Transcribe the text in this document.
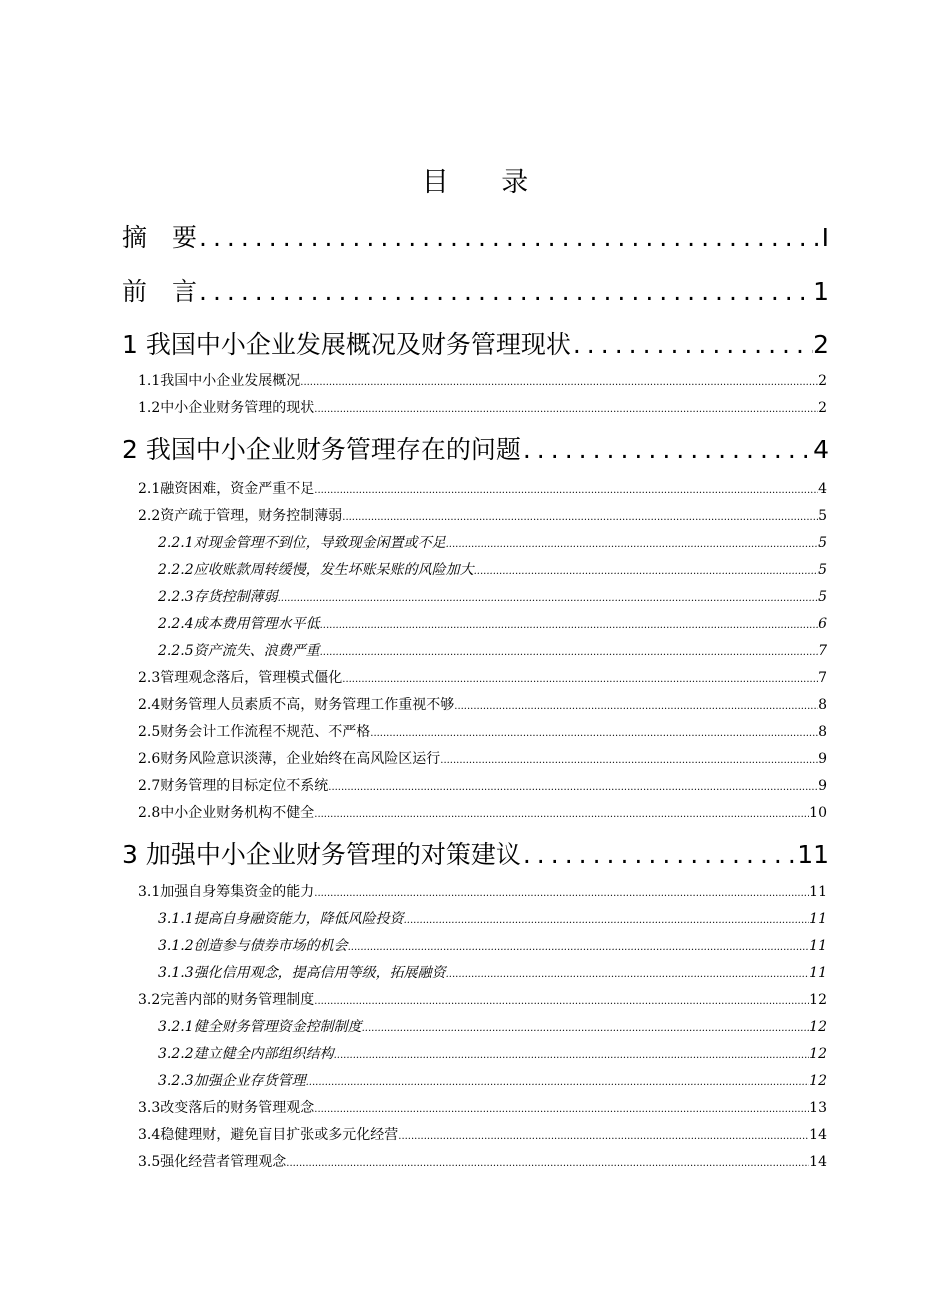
目 录
摘　要 .....	I
前　言 .....	1
1 我国中小企业发展概况及财务管理现状 .....	2
1.1我国中小企业发展概况 .....	2
1.2中小企业财务管理的现状 .....	2
2 我国中小企业财务管理存在的问题 .....	4
2.1融资困难，资金严重不足 .....	4
2.2资产疏于管理，财务控制薄弱 .....	5
2.2.1对现金管理不到位，导致现金闲置或不足 .....	5
2.2.2应收账款周转缓慢，发生坏账呆账的风险加大 .....	5
2.2.3存货控制薄弱 .....	5
2.2.4成本费用管理水平低 .....	6
2.2.5资产流失、浪费严重 .....	7
2.3管理观念落后，管理模式僵化 .....	7
2.4财务管理人员素质不高，财务管理工作重视不够 .....	8
2.5财务会计工作流程不规范、不严格 .....	8
2.6财务风险意识淡薄，企业始终在高风险区运行 .....	9
2.7财务管理的目标定位不系统 .....	9
2.8中小企业财务机构不健全 .....	10
3 加强中小企业财务管理的对策建议 .....	11
3.1加强自身筹集资金的能力 .....	11
3.1.1提高自身融资能力，降低风险投资 .....	11
3.1.2创造参与债券市场的机会 .....	11
3.1.3强化信用观念，提高信用等级，拓展融资 .....	11
3.2完善内部的财务管理制度 .....	12
3.2.1健全财务管理资金控制制度 .....	12
3.2.2建立健全内部组织结构 .....	12
3.2.3加强企业存货管理 .....	12
3.3改变落后的财务管理观念 .....	13
3.4稳健理财，避免盲目扩张或多元化经营 .....	14
3.5强化经营者管理观念 .....	14
